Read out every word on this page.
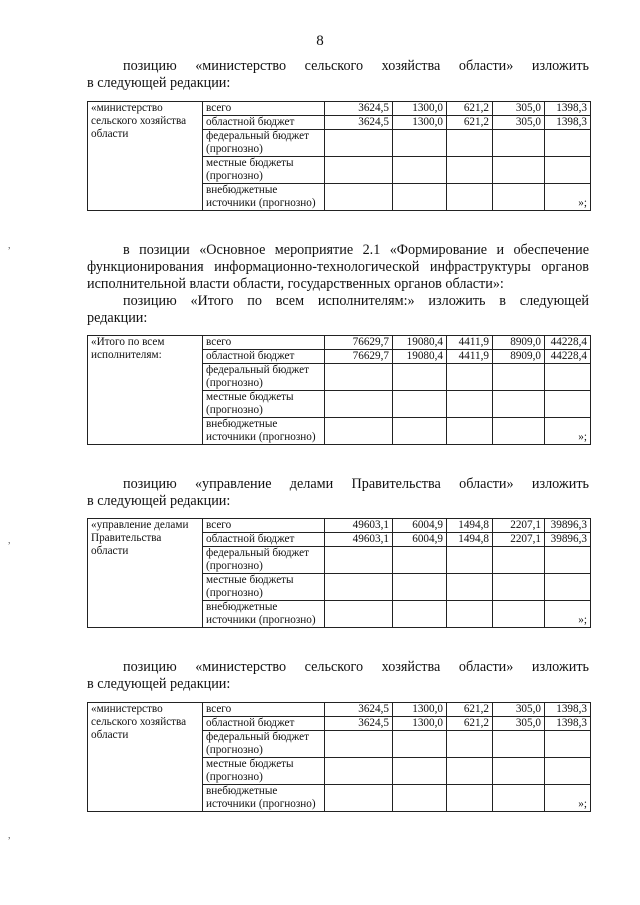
8
позицию «министерство сельского хозяйства области» изложить
в следующей редакции:
«министерство сельского хозяйства области	всего	3624,5	1300,0	621,2	305,0	1398,3
	областной бюджет	3624,5	1300,0	621,2	305,0	1398,3
	федеральный бюджет (прогнозно)					
	местные бюджеты (прогнозно)					
	внебюджетные источники (прогнозно)					»;
в позиции «Основное мероприятие 2.1 «Формирование и обеспечение
функционирования информационно-технологической инфраструктуры органов
исполнительной власти области, государственных органов области»:
позицию «Итого по всем исполнителям:» изложить в следующей
редакции:
«Итого по всем исполнителям:	всего	76629,7	19080,4	4411,9	8909,0	44228,4
	областной бюджет	76629,7	19080,4	4411,9	8909,0	44228,4
	федеральный бюджет (прогнозно)					
	местные бюджеты (прогнозно)					
	внебюджетные источники (прогнозно)					»;
позицию «управление делами Правительства области» изложить
в следующей редакции:
«управление делами Правительства области	всего	49603,1	6004,9	1494,8	2207,1	39896,3
	областной бюджет	49603,1	6004,9	1494,8	2207,1	39896,3
	федеральный бюджет (прогнозно)					
	местные бюджеты (прогнозно)					
	внебюджетные источники (прогнозно)					»;
позицию «министерство сельского хозяйства области» изложить
в следующей редакции:
«министерство сельского хозяйства области	всего	3624,5	1300,0	621,2	305,0	1398,3
	областной бюджет	3624,5	1300,0	621,2	305,0	1398,3
	федеральный бюджет (прогнозно)					
	местные бюджеты (прогнозно)					
	внебюджетные источники (прогнозно)					»;
,
,
,
